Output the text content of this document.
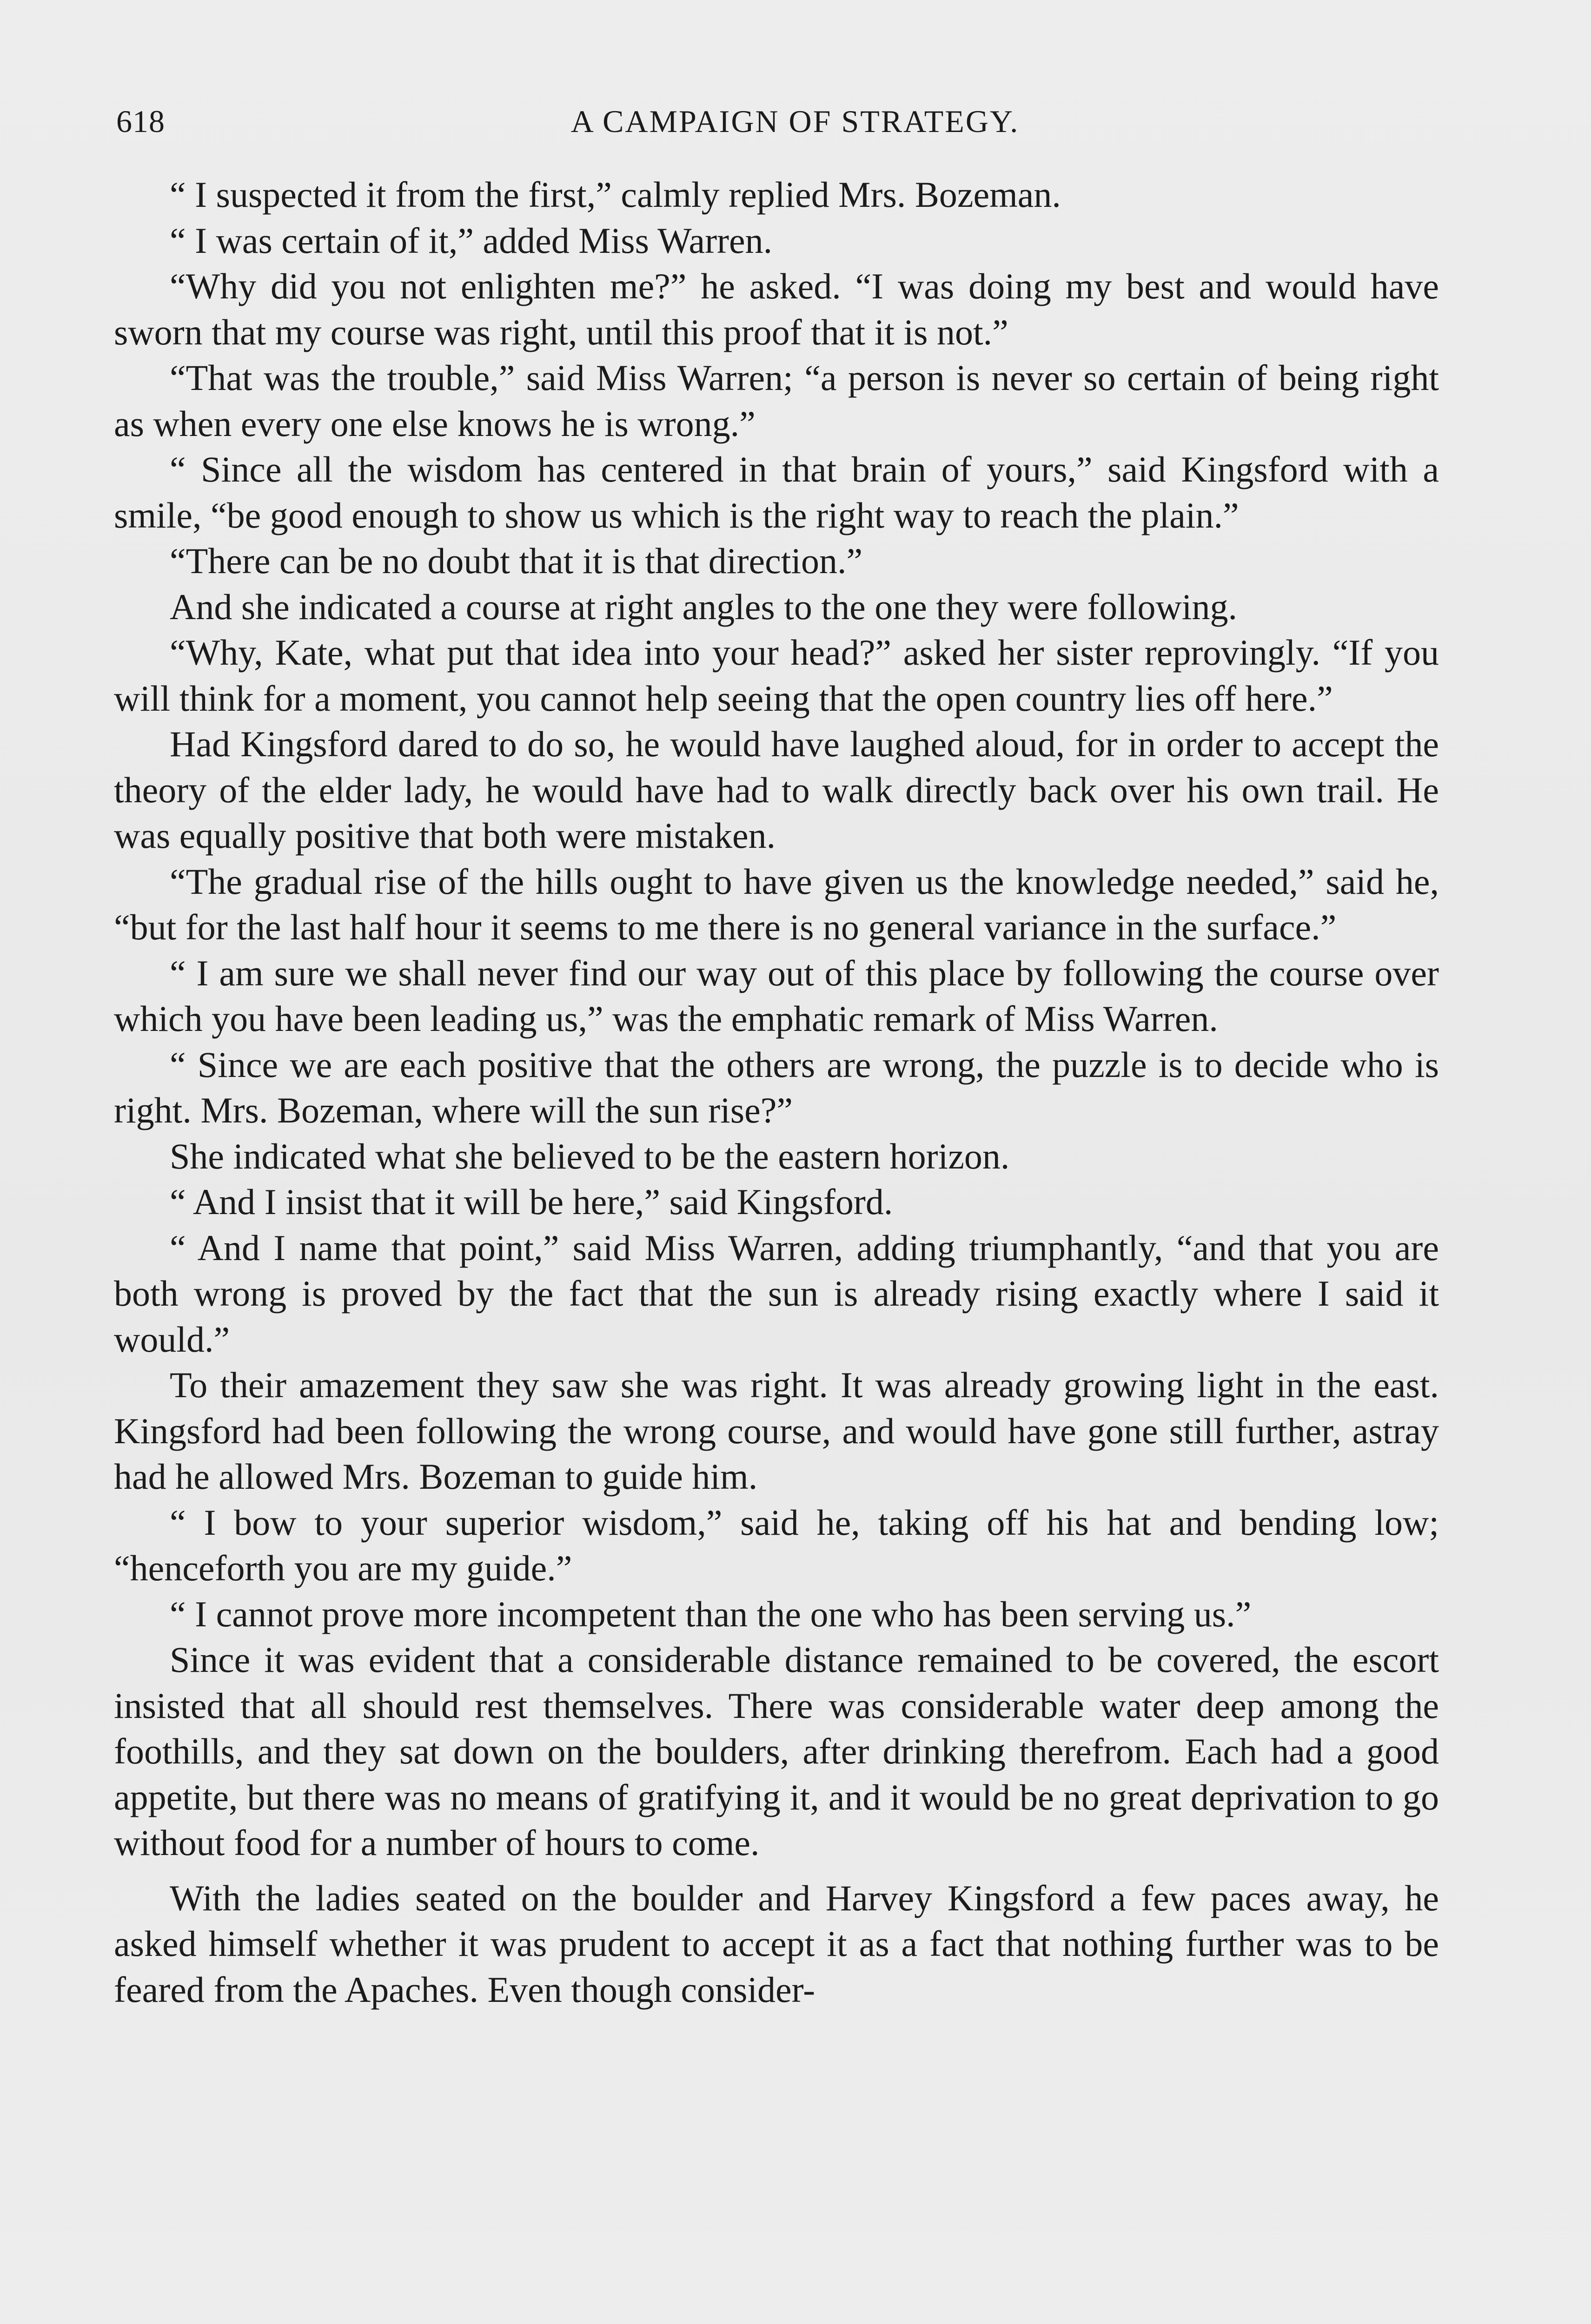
618	A CAMPAIGN OF STRATEGY.

“ I suspected it from the first,” calmly replied Mrs. Bozeman.

“ I was certain of it,” added Miss Warren.

“Why did you not enlighten me?” he asked. “I was doing my best and would have sworn that my course was right, until this proof that it is not.”

“That was the trouble,” said Miss Warren; “a person is never so certain of being right as when every one else knows he is wrong.”

“ Since all the wisdom has centered in that brain of yours,” said Kingsford with a smile, “be good enough to show us which is the right way to reach the plain.”

“There can be no doubt that it is that direction.”

And she indicated a course at right angles to the one they were following.

“Why, Kate, what put that idea into your head?” asked her sister reprovingly. “If you will think for a moment, you cannot help seeing that the open country lies off here.”

Had Kingsford dared to do so, he would have laughed aloud, for in order to accept the theory of the elder lady, he would have had to walk directly back over his own trail. He was equally positive that both were mistaken.

“The gradual rise of the hills ought to have given us the knowledge needed,” said he, “but for the last half hour it seems to me there is no general variance in the surface.”

“ I am sure we shall never find our way out of this place by following the course over which you have been leading us,” was the emphatic remark of Miss Warren.

“ Since we are each positive that the others are wrong, the puzzle is to decide who is right. Mrs. Bozeman, where will the sun rise?”

She indicated what she believed to be the eastern horizon.

“ And I insist that it will be here,” said Kingsford.

“ And I name that point,” said Miss Warren, adding triumphantly, “and that you are both wrong is proved by the fact that the sun is already rising exactly where I said it would.”

To their amazement they saw she was right. It was already growing light in the east. Kingsford had been following the wrong course, and would have gone still further, astray had he allowed Mrs. Bozeman to guide him.

“ I bow to your superior wisdom,” said he, taking off his hat and bending low; “henceforth you are my guide.”

“ I cannot prove more incompetent than the one who has been serving us.”

Since it was evident that a considerable distance remained to be covered, the escort insisted that all should rest themselves. There was considerable water deep among the foothills, and they sat down on the boulders, after drinking therefrom. Each had a good appetite, but there was no means of gratifying it, and it would be no great deprivation to go without food for a number of hours to come.

With the ladies seated on the boulder and Harvey Kingsford a few paces away, he asked himself whether it was prudent to accept it as a fact that nothing further was to be feared from the Apaches. Even though consider-
